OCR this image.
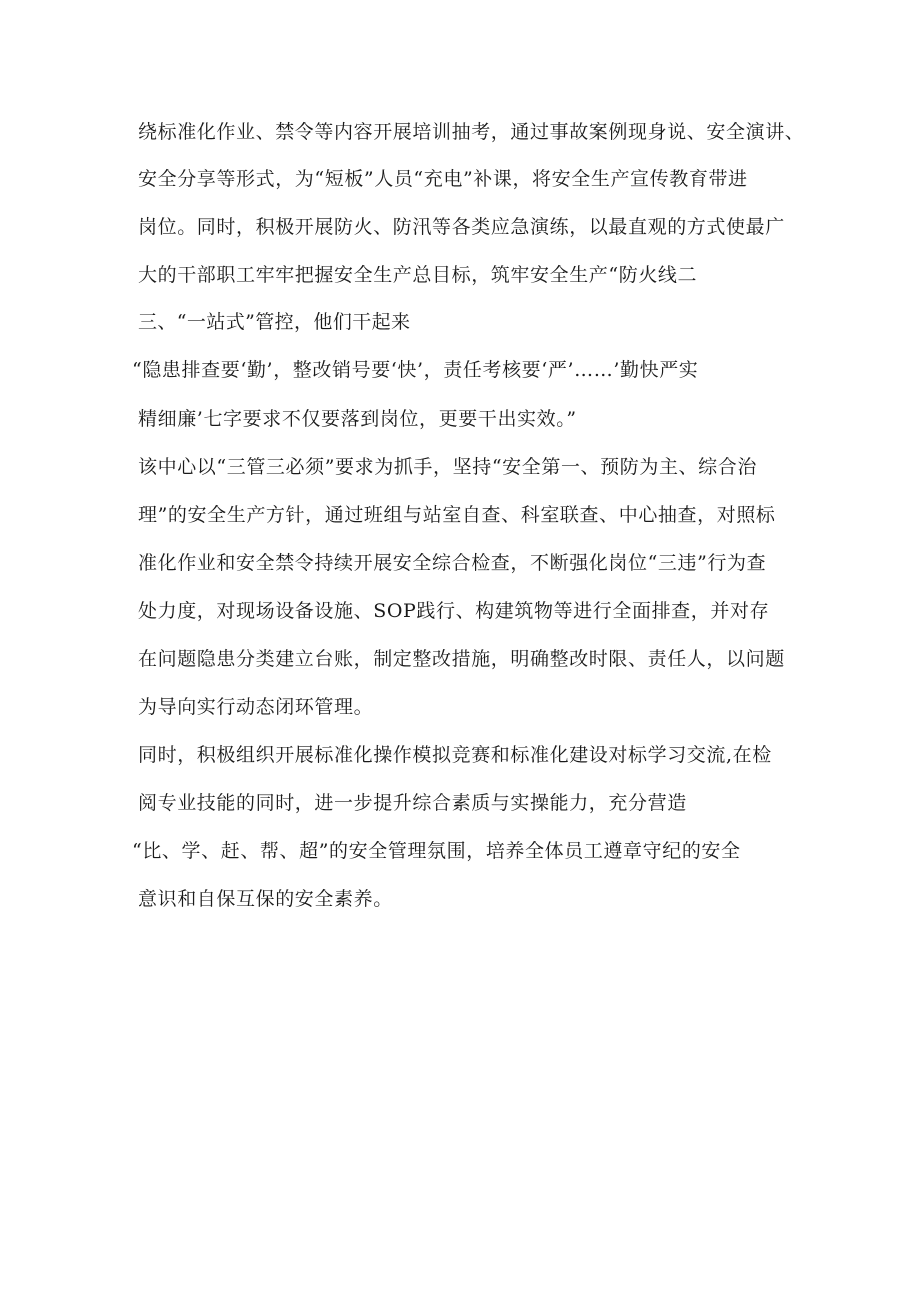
绕标准化作业、禁令等内容开展培训抽考，通过事故案例现身说、安全演讲、
安全分享等形式，为“短板”人员“充电”补课，将安全生产宣传教育带进
岗位。同时，积极开展防火、防汛等各类应急演练，以最直观的方式使最广
大的干部职工牢牢把握安全生产总目标，筑牢安全生产“防火线二
三、“一站式”管控，他们干起来
“隐患排查要‘勤’，整改销号要‘快’，责任考核要‘严’……’勤快严实
精细廉’七字要求不仅要落到岗位，更要干出实效。”
该中心以“三管三必须”要求为抓手，坚持“安全第一、预防为主、综合治
理”的安全生产方针，通过班组与站室自查、科室联查、中心抽查，对照标
准化作业和安全禁令持续开展安全综合检查，不断强化岗位“三违”行为查
处力度，对现场设备设施、SOP践行、构建筑物等进行全面排查，并对存
在问题隐患分类建立台账，制定整改措施，明确整改时限、责任人，以问题
为导向实行动态闭环管理。
同时，积极组织开展标准化操作模拟竞赛和标准化建设对标学习交流,在检
阅专业技能的同时，进一步提升综合素质与实操能力，充分营造
“比、学、赶、帮、超”的安全管理氛围，培养全体员工遵章守纪的安全
意识和自保互保的安全素养。
